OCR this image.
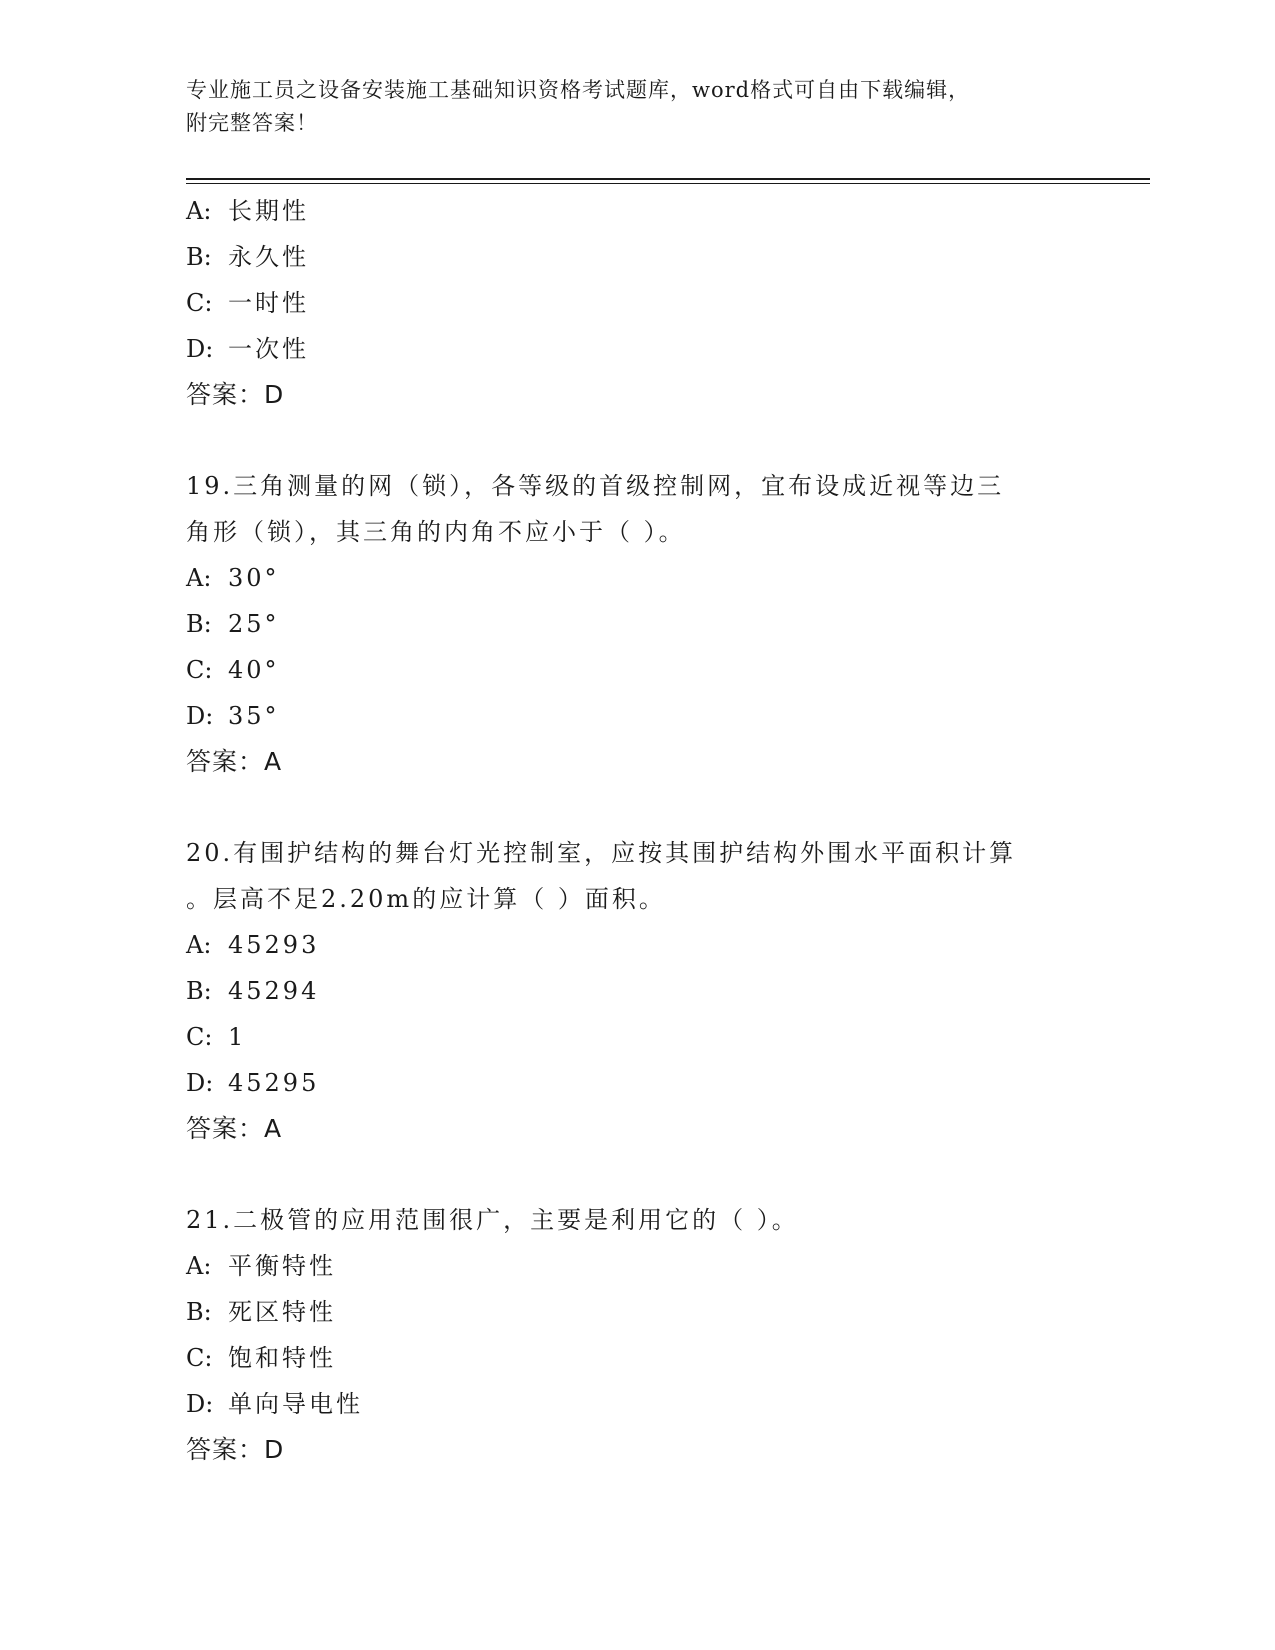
专业施工员之设备安装施工基础知识资格考试题库，word格式可自由下载编辑，
附完整答案！
A: 长期性
B: 永久性
C: 一时性
D: 一次性
答案：D
19.三角测量的网（锁），各等级的首级控制网，宜布设成近视等边三
角形（锁），其三角的内角不应小于（ ）。
A: 30°
B: 25°
C: 40°
D: 35°
答案：A
20.有围护结构的舞台灯光控制室，应按其围护结构外围水平面积计算
。层高不足2.20m的应计算（ ）面积。
A: 45293
B: 45294
C: 1
D: 45295
答案：A
21.二极管的应用范围很广，主要是利用它的（ ）。
A: 平衡特性
B: 死区特性
C: 饱和特性
D: 单向导电性
答案：D
